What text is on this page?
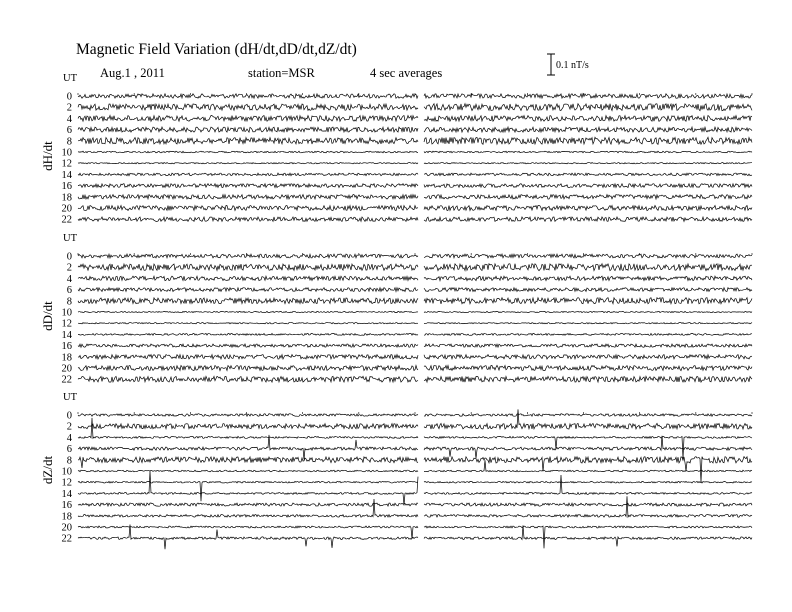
Magnetic Field Variation (dH/dt,dD/dt,dZ/dt)
Aug.1 , 2011	station=MSR	4 sec averages
0.1 nT/s
UT
dH/dt
0
2
4
6
8
10
12
14
16
18
20
22
UT
dD/dt
0
2
4
6
8
10
12
14
16
18
20
22
UT
dZ/dt
0
2
4
6
8
10
12
14
16
18
20
22
